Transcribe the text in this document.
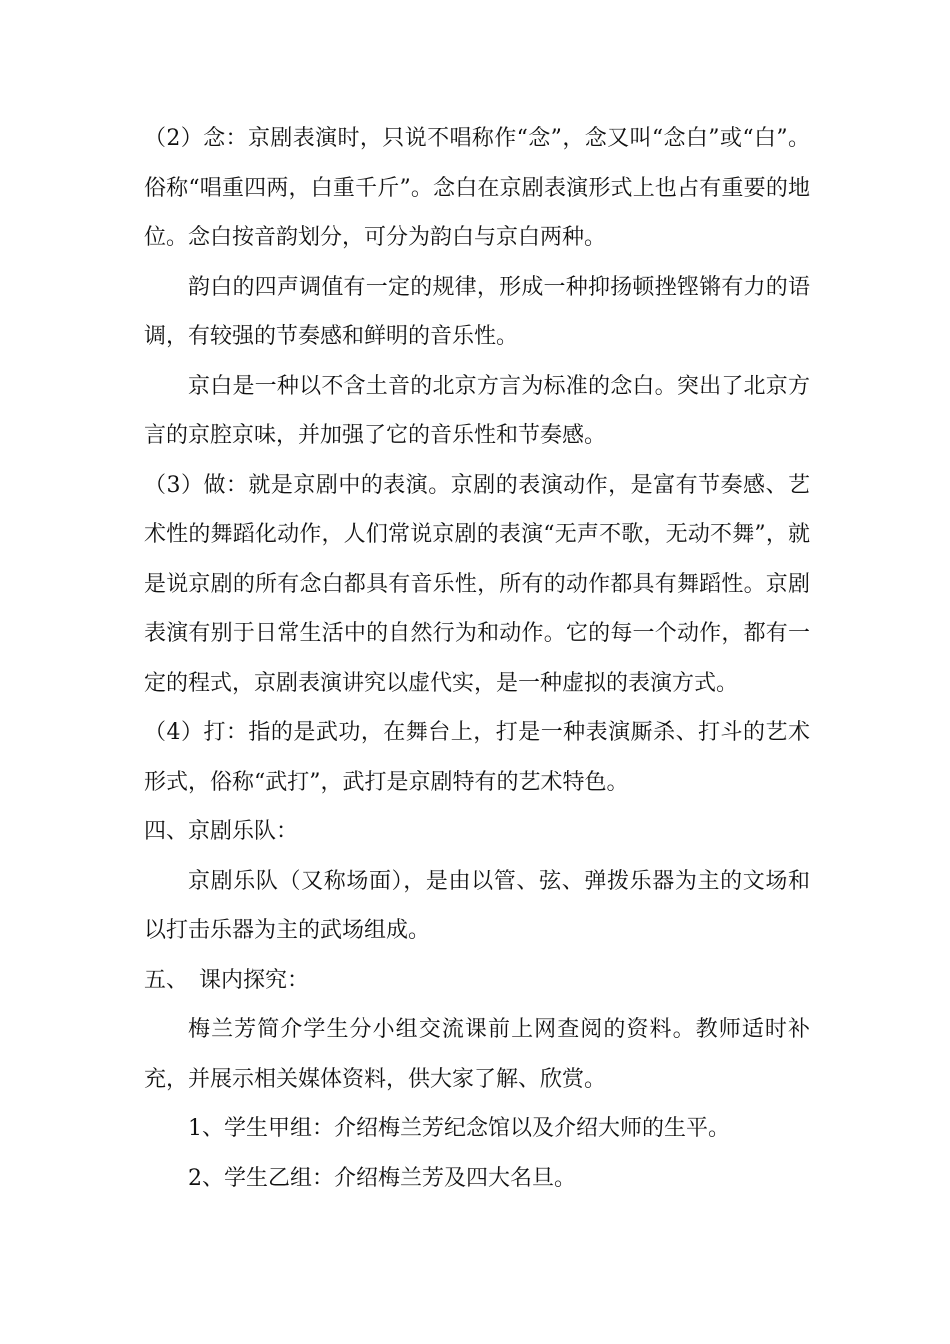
（2）念：京剧表演时，只说不唱称作“念”，念又叫“念白”或“白”。俗称“唱重四两，白重千斤”。念白在京剧表演形式上也占有重要的地位。念白按音韵划分，可分为韵白与京白两种。

韵白的四声调值有一定的规律，形成一种抑扬顿挫铿锵有力的语调，有较强的节奏感和鲜明的音乐性。

京白是一种以不含土音的北京方言为标准的念白。突出了北京方言的京腔京味，并加强了它的音乐性和节奏感。

（3）做：就是京剧中的表演。京剧的表演动作，是富有节奏感、艺术性的舞蹈化动作，人们常说京剧的表演“无声不歌，无动不舞”，就是说京剧的所有念白都具有音乐性，所有的动作都具有舞蹈性。京剧表演有别于日常生活中的自然行为和动作。它的每一个动作，都有一定的程式，京剧表演讲究以虚代实，是一种虚拟的表演方式。

（4）打：指的是武功，在舞台上，打是一种表演厮杀、打斗的艺术形式，俗称“武打”，武打是京剧特有的艺术特色。

四、京剧乐队：

京剧乐队（又称场面），是由以管、弦、弹拨乐器为主的文场和以打击乐器为主的武场组成。

五、　课内探究：

梅兰芳简介学生分小组交流课前上网查阅的资料。教师适时补充，并展示相关媒体资料，供大家了解、欣赏。

1、学生甲组：介绍梅兰芳纪念馆以及介绍大师的生平。

2、学生乙组：介绍梅兰芳及四大名旦。
